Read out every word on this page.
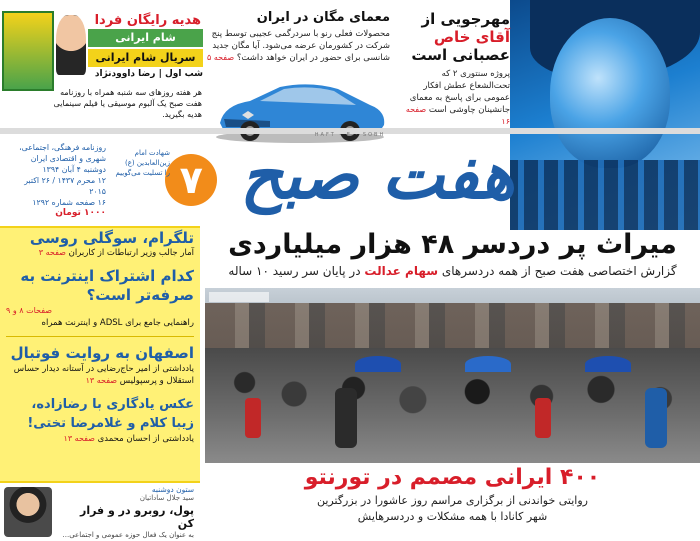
مهرجویی از
آقای خاص
عصبانی است
پروژه سنتوری ۲ که تحت‌الشعاع عطش افکار عمومی برای پاسخ به معمای جانشینان چاوشی است صفحه ۱۶
معمای مگان در ایران
محصولات فعلی رنو با سردرگمی عجیبی توسط پنج شرکت در کشورمان عرضه می‌شود. آیا مگان جدید شانسی برای حضور در ایران خواهد داشت؟ صفحه ۵
هدیه رایگان فردا
شام ایرانی
سریال شام ایرانی
شب اول | رضا داوودنژاد
هر هفته روزهای سه شنبه همراه با روزنامه هفت صبح یک آلبوم موسیقی یا فیلم سینمایی هدیه بگیرید.
HAFT - E - SOBH
هفت صبح ۷
شهادت امام
زین‌العابدین (ع)
را تسلیت می‌گوییم
روزنامه فرهنگی، اجتماعی،
شهری و اقتصادی ایران
دوشنبه ۴ آبان ۱۳۹۴
۱۲ محرم ۱۴۳۷ / ۲۶ اکتبر ۲۰۱۵
۱۶ صفحه شماره ۱۲۹۲
۱۰۰۰ تومان
تلگرام، سوگلی روسی
آمار جالب وزیر ارتباطات از کاربران صفحه ۳
کدام اشتراک اینترنت به
صرفه‌تر است؟
صفحات ۸ و ۹
راهنمایی جامع برای ADSL و اینترنت همراه
اصفهان به روایت فوتبال
یادداشتی از امیر حاج‌رضایی در آستانه دیدار حساس استقلال و پرسپولیس صفحه ۱۳
عکس یادگاری با رضازاده،
زیبا کلام و غلامرضا تختی!
یادداشتی از احسان محمدی صفحه ۱۳
ستون دوشنبه
سید جلال ساداتیان
پول، روبرو در و فرار کن
به عنوان یک فعال حوزه عمومی و اجتماعی...
میراث پر دردسر ۴۸ هزار میلیاردی
گزارش اختصاصی هفت صبح از همه دردسرهای سهام عدالت در پایان سر رسید ۱۰ ساله
۴۰۰ ایرانی مصمم در تورنتو
روایتی خواندنی از برگزاری مراسم روز عاشورا در بزرگترین
شهر کانادا با همه مشکلات و دردسرهایش
